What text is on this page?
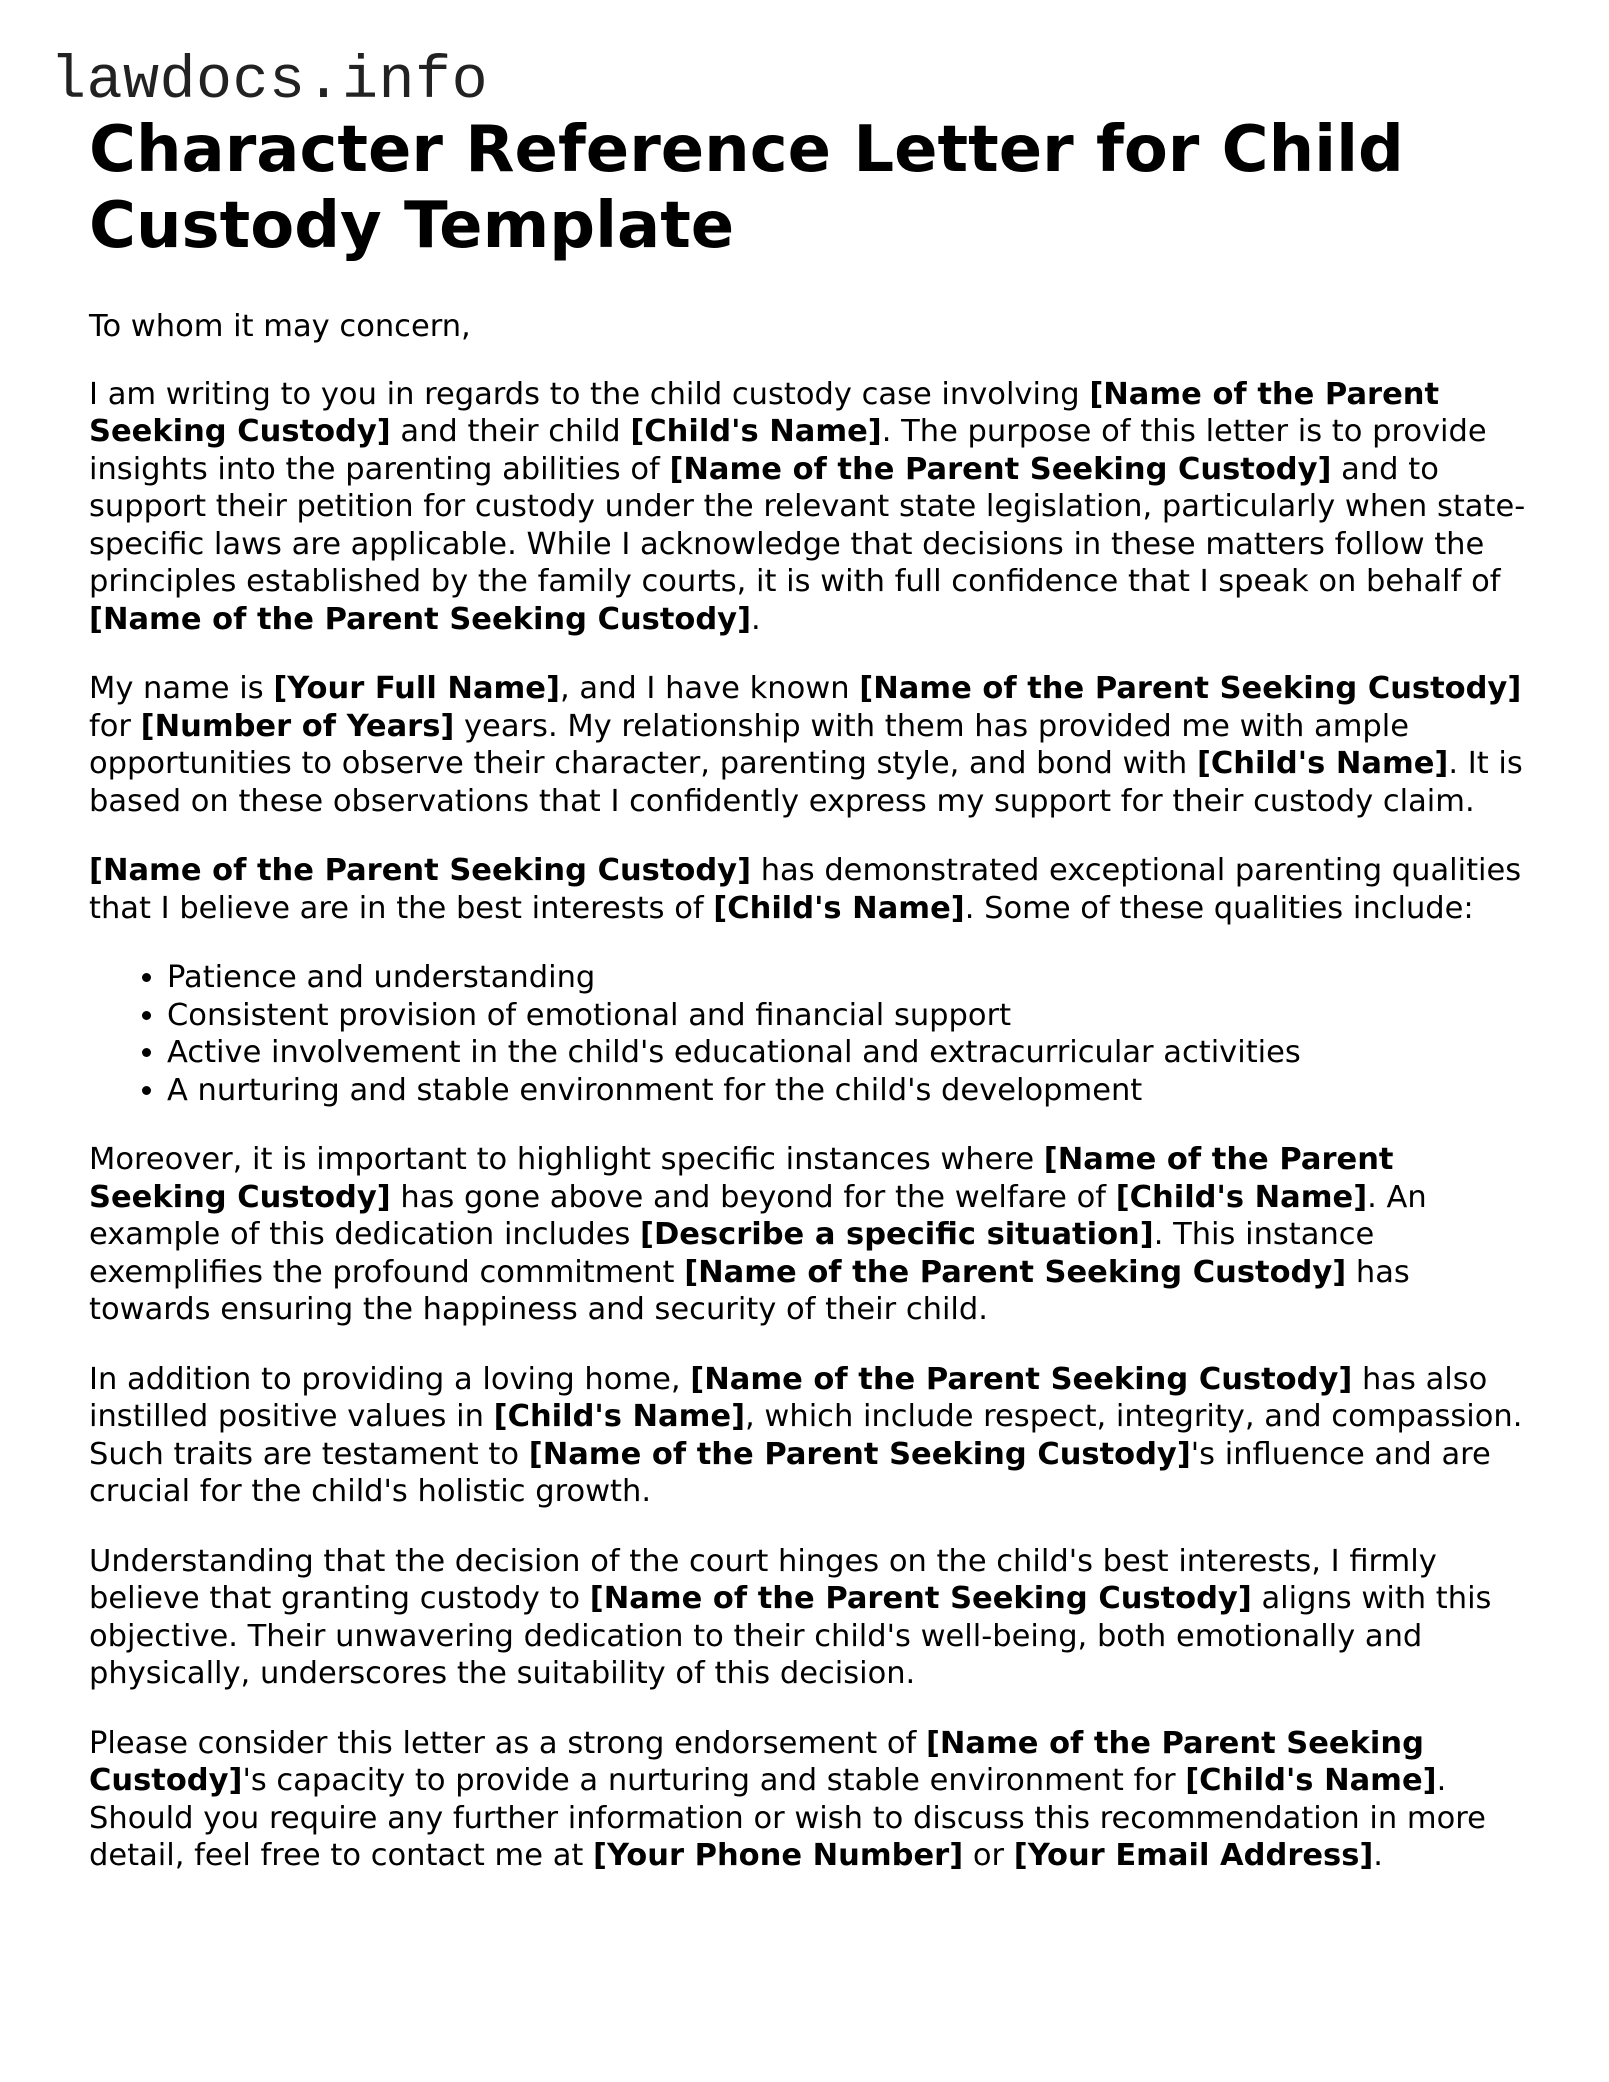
lawdocs.info
Character Reference Letter for Child Custody Template

To whom it may concern,

I am writing to you in regards to the child custody case involving [Name of the Parent Seeking Custody] and their child [Child's Name]. The purpose of this letter is to provide insights into the parenting abilities of [Name of the Parent Seeking Custody] and to support their petition for custody under the relevant state legislation, particularly when state-specific laws are applicable. While I acknowledge that decisions in these matters follow the principles established by the family courts, it is with full confidence that I speak on behalf of [Name of the Parent Seeking Custody].

My name is [Your Full Name], and I have known [Name of the Parent Seeking Custody] for [Number of Years] years. My relationship with them has provided me with ample opportunities to observe their character, parenting style, and bond with [Child's Name]. It is based on these observations that I confidently express my support for their custody claim.

[Name of the Parent Seeking Custody] has demonstrated exceptional parenting qualities that I believe are in the best interests of [Child's Name]. Some of these qualities include:

• Patience and understanding
• Consistent provision of emotional and financial support
• Active involvement in the child's educational and extracurricular activities
• A nurturing and stable environment for the child's development

Moreover, it is important to highlight specific instances where [Name of the Parent Seeking Custody] has gone above and beyond for the welfare of [Child's Name]. An example of this dedication includes [Describe a specific situation]. This instance exemplifies the profound commitment [Name of the Parent Seeking Custody] has towards ensuring the happiness and security of their child.

In addition to providing a loving home, [Name of the Parent Seeking Custody] has also instilled positive values in [Child's Name], which include respect, integrity, and compassion. Such traits are testament to [Name of the Parent Seeking Custody]'s influence and are crucial for the child's holistic growth.

Understanding that the decision of the court hinges on the child's best interests, I firmly believe that granting custody to [Name of the Parent Seeking Custody] aligns with this objective. Their unwavering dedication to their child's well-being, both emotionally and physically, underscores the suitability of this decision.

Please consider this letter as a strong endorsement of [Name of the Parent Seeking Custody]'s capacity to provide a nurturing and stable environment for [Child's Name]. Should you require any further information or wish to discuss this recommendation in more detail, feel free to contact me at [Your Phone Number] or [Your Email Address].
